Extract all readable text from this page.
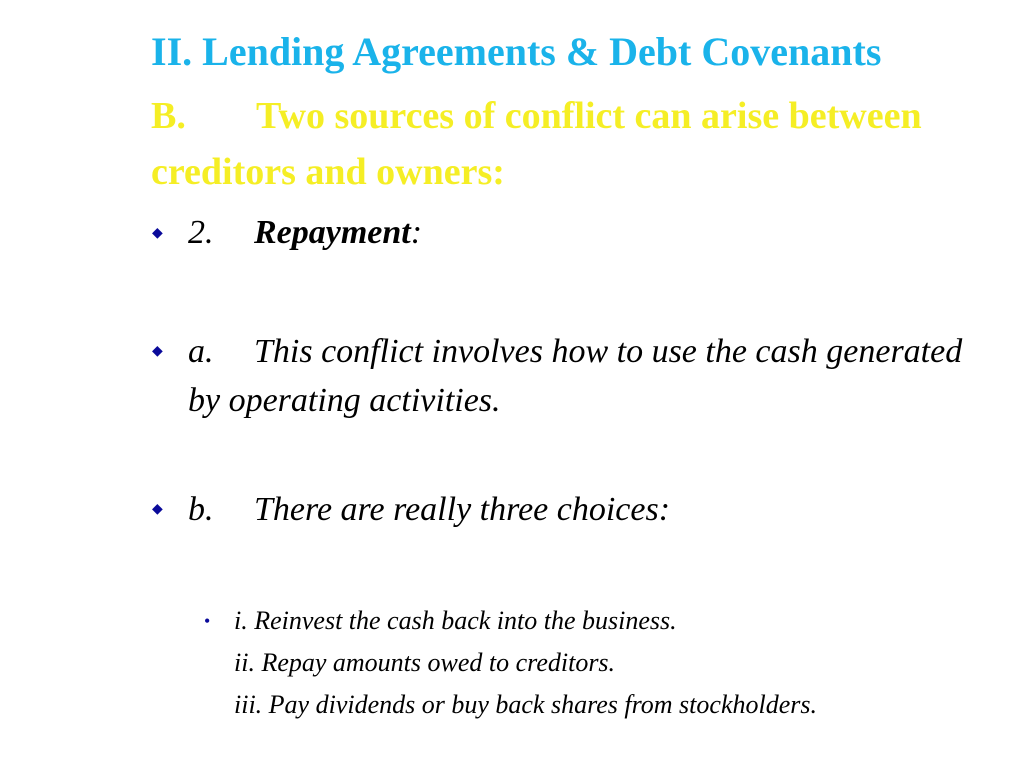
II. Lending Agreements & Debt Covenants
B. Two sources of conflict can arise between creditors and owners:
◆ 2. Repayment:

◆ a. This conflict involves how to use the cash generated by operating activities.

◆ b. There are really three choices:

• i. Reinvest the cash back into the business.
ii. Repay amounts owed to creditors.
iii. Pay dividends or buy back shares from stockholders.
